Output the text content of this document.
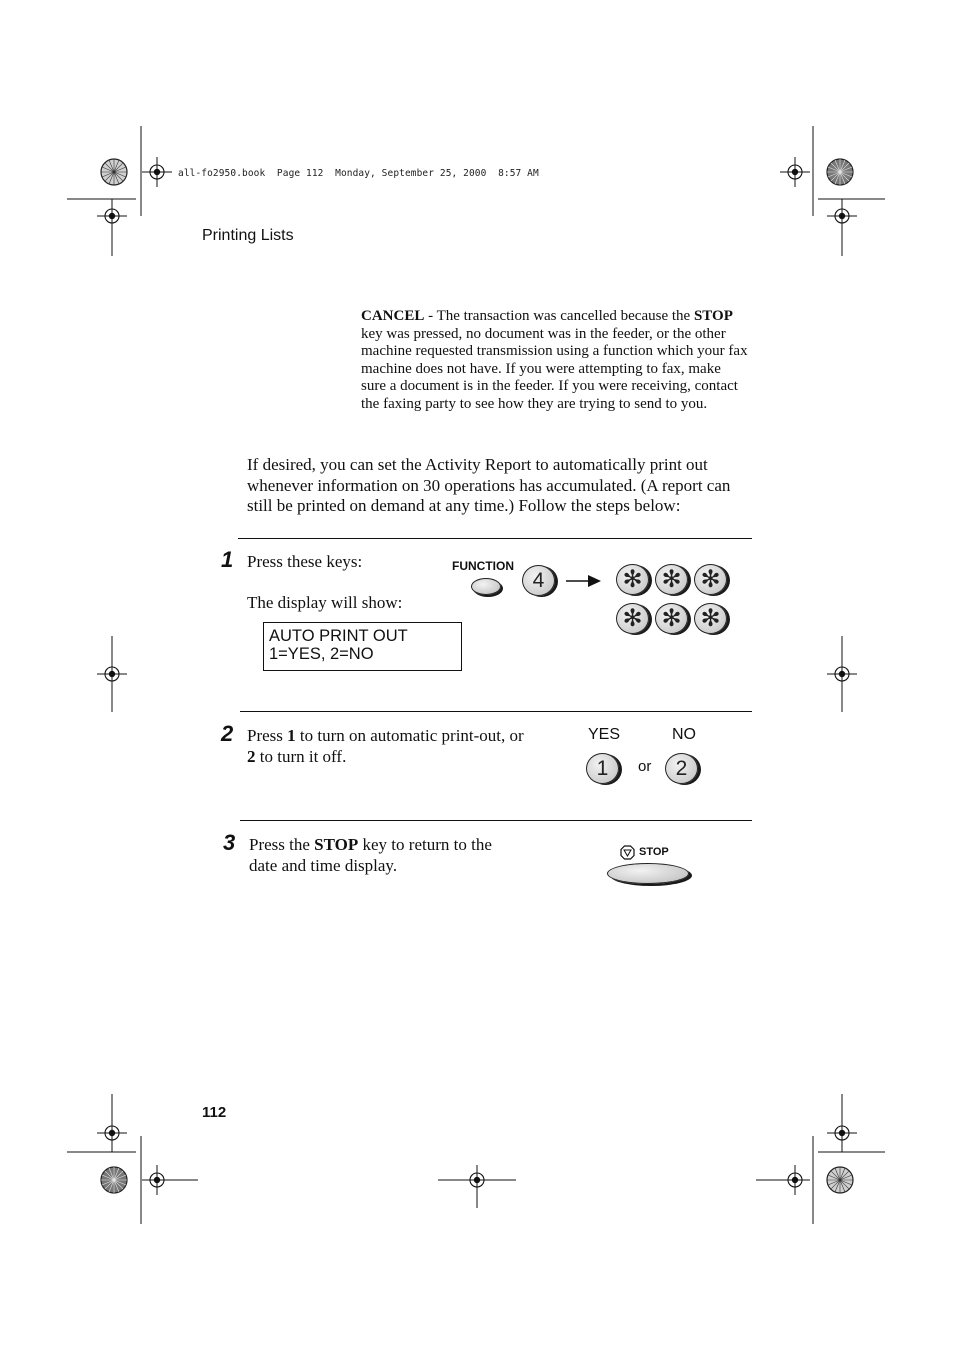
all-fo2950.book  Page 112  Monday, September 25, 2000  8:57 AM
Printing Lists
CANCEL - The transaction was cancelled because the STOP key was pressed, no document was in the feeder, or the other machine requested transmission using a function which your fax machine does not have. If you were attempting to fax, make sure a document is in the feeder. If you were receiving, contact the faxing party to see how they are trying to send to you.
If desired, you can set the Activity Report to automatically print out whenever information on 30 operations has accumulated. (A report can still be printed on demand at any time.) Follow the steps below:
1 Press these keys:
The display will show:
AUTO PRINT OUT
1=YES, 2=NO
FUNCTION
4	✻ ✻ ✻
✻ ✻ ✻
2 Press 1 to turn on automatic print-out, or 2 to turn it off.
YES	NO
1 or 2
3 Press the STOP key to return to the date and time display.
STOP
112
